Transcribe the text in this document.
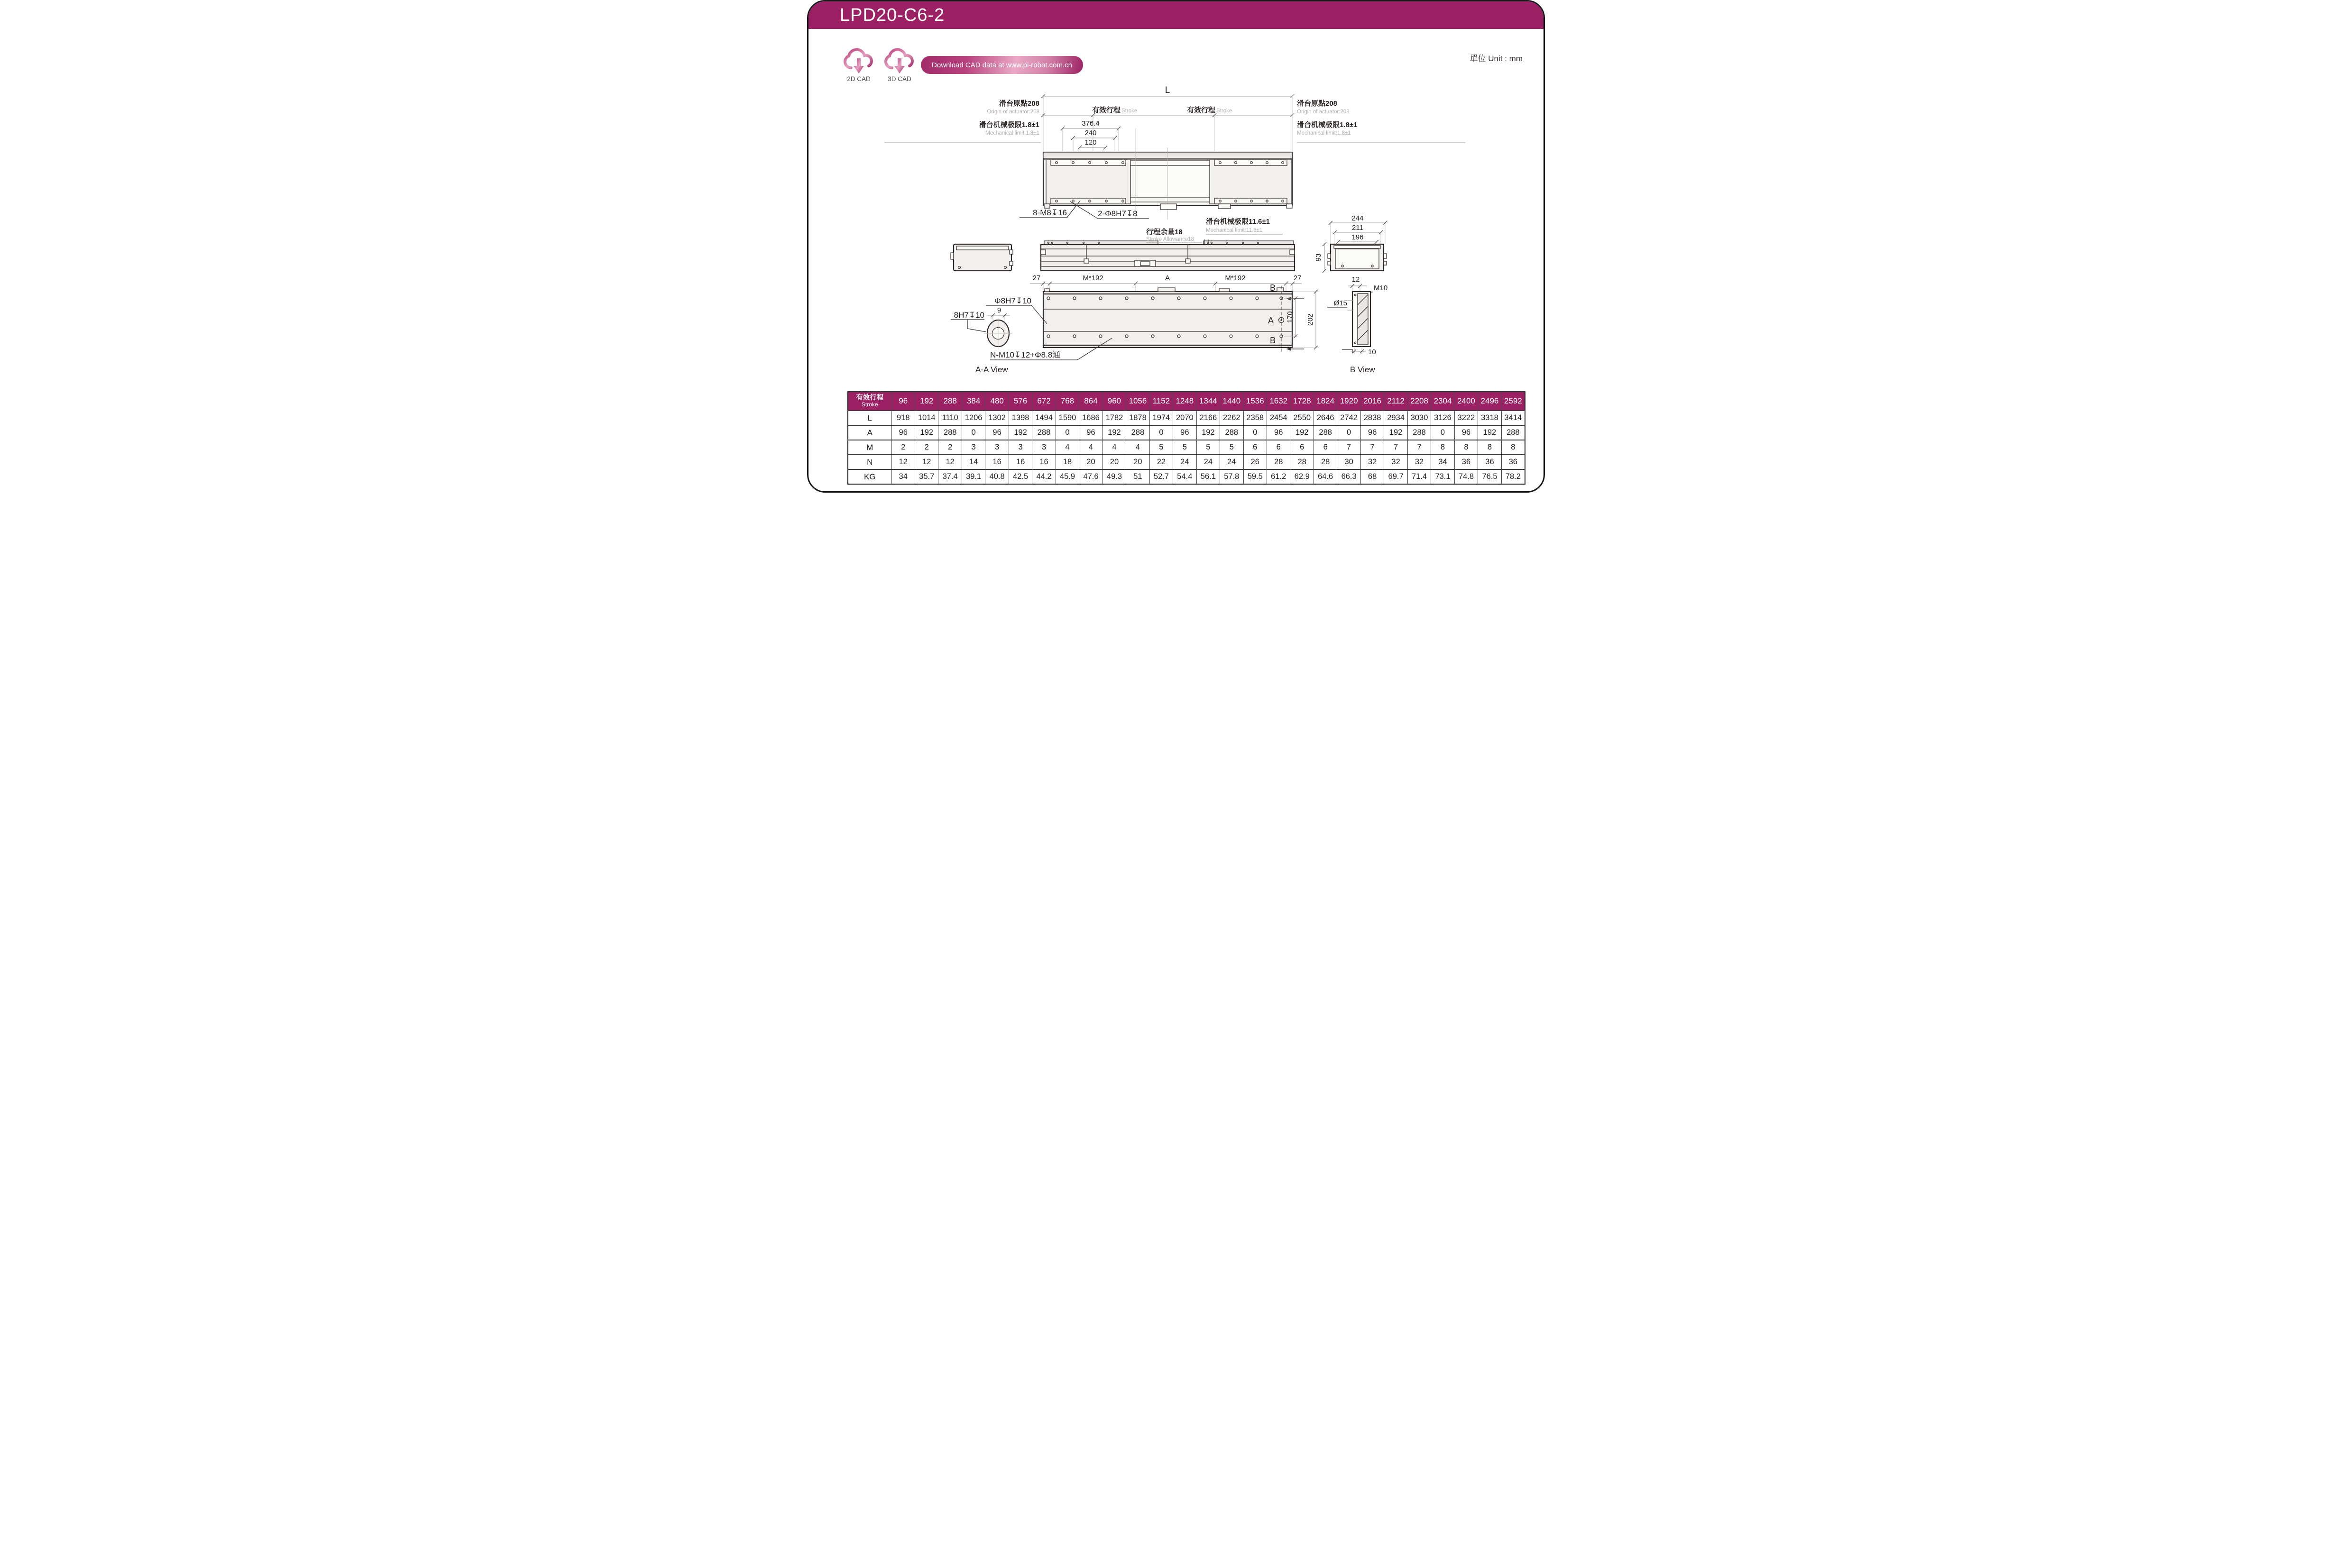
LPD20-C6-2
2D CAD	3D CAD
Download CAD data at www.pi-robot.com.cn
單位 Unit : mm
L
滑台原點208
Origin of actuator:208
滑台原點208
Origin of actuator:208
有效行程 Stroke	有效行程 Stroke
滑台机械极限1.8±1
Mechanical limit:1.8±1
滑台机械极限1.8±1
Mechanical limit:1.8±1
376.4
240
120
8-M8↧16	2-Φ8H7↧8
行程余量18
Stroke Allowance18
滑台机械极限11.6±1
Mechanical limit:11.6±1
244
211
196
93
27	M*192	A	M*192	27
B
B
A 170 202
9
Φ8H7↧10
8H7↧10
N-M10↧12+Φ8.8通
A-A View
12
M10
Ø15
10
B View
有效行程
Stroke	96	192	288	384	480	576	672	768	864	960	1056	1152	1248	1344	1440	1536	1632	1728	1824	1920	2016	2112	2208	2304	2400	2496	2592
L	918	1014	1110	1206	1302	1398	1494	1590	1686	1782	1878	1974	2070	2166	2262	2358	2454	2550	2646	2742	2838	2934	3030	3126	3222	3318	3414
A	96	192	288	0	96	192	288	0	96	192	288	0	96	192	288	0	96	192	288	0	96	192	288	0	96	192	288
M	2	2	2	3	3	3	3	4	4	4	4	5	5	5	5	6	6	6	6	7	7	7	7	8	8	8	8
N	12	12	12	14	16	16	16	18	20	20	20	22	24	24	24	26	28	28	28	30	32	32	32	34	36	36	36
KG	34	35.7	37.4	39.1	40.8	42.5	44.2	45.9	47.6	49.3	51	52.7	54.4	56.1	57.8	59.5	61.2	62.9	64.6	66.3	68	69.7	71.4	73.1	74.8	76.5	78.2
